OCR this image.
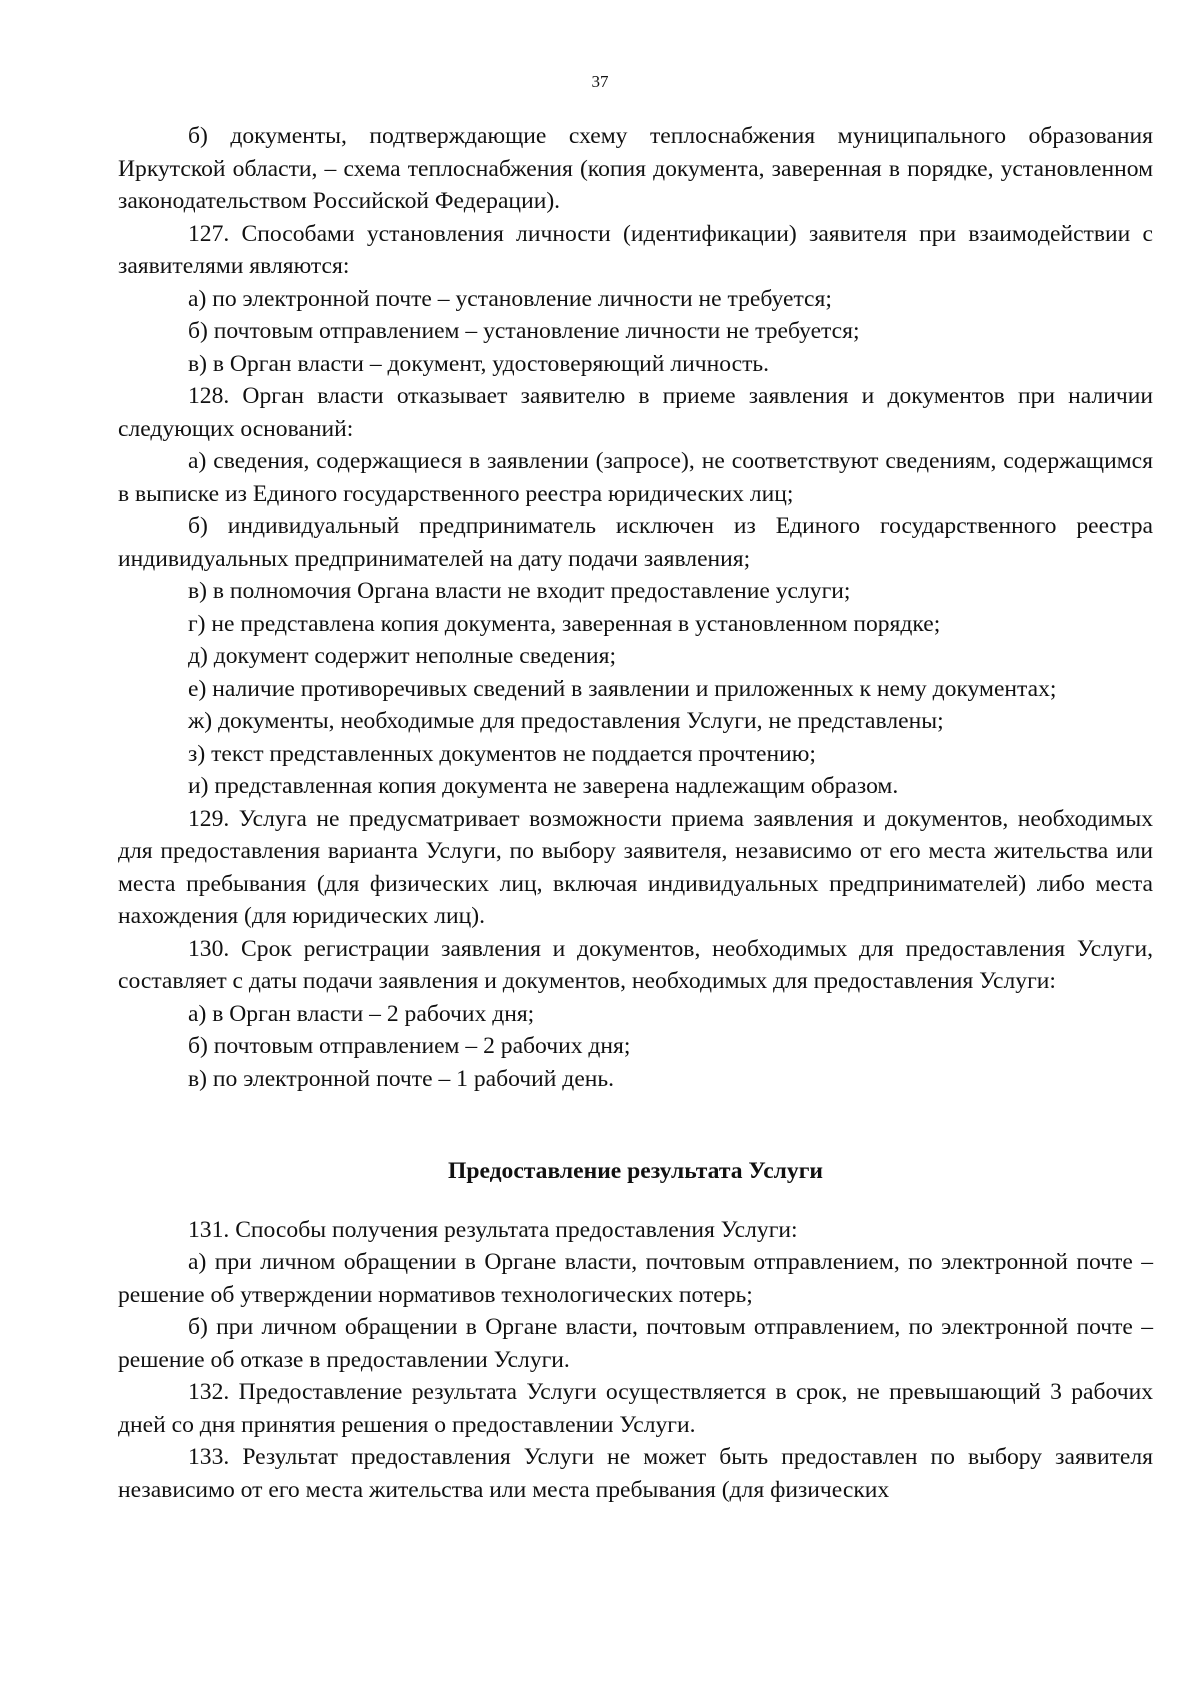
37

б) документы, подтверждающие схему теплоснабжения муниципального образования Иркутской области, – схема теплоснабжения (копия документа, заверенная в порядке, установленном законодательством Российской Федерации).

127. Способами установления личности (идентификации) заявителя при взаимодействии с заявителями являются:

а) по электронной почте – установление личности не требуется;

б) почтовым отправлением – установление личности не требуется;

в) в Орган власти – документ, удостоверяющий личность.

128. Орган власти отказывает заявителю в приеме заявления и документов при наличии следующих оснований:

а) сведения, содержащиеся в заявлении (запросе), не соответствуют сведениям, содержащимся в выписке из Единого государственного реестра юридических лиц;

б) индивидуальный предприниматель исключен из Единого государственного реестра индивидуальных предпринимателей на дату подачи заявления;

в) в полномочия Органа власти не входит предоставление услуги;

г) не представлена копия документа, заверенная в установленном порядке;

д) документ содержит неполные сведения;

е) наличие противоречивых сведений в заявлении и приложенных к нему документах;

ж) документы, необходимые для предоставления Услуги, не представлены;

з) текст представленных документов не поддается прочтению;

и) представленная копия документа не заверена надлежащим образом.

129. Услуга не предусматривает возможности приема заявления и документов, необходимых для предоставления варианта Услуги, по выбору заявителя, независимо от его места жительства или места пребывания (для физических лиц, включая индивидуальных предпринимателей) либо места нахождения (для юридических лиц).

130. Срок регистрации заявления и документов, необходимых для предоставления Услуги, составляет с даты подачи заявления и документов, необходимых для предоставления Услуги:

а) в Орган власти – 2 рабочих дня;

б) почтовым отправлением – 2 рабочих дня;

в) по электронной почте – 1 рабочий день.

Предоставление результата Услуги

131. Способы получения результата предоставления Услуги:

а) при личном обращении в Органе власти, почтовым отправлением, по электронной почте – решение об утверждении нормативов технологических потерь;

б) при личном обращении в Органе власти, почтовым отправлением, по электронной почте – решение об отказе в предоставлении Услуги.

132. Предоставление результата Услуги осуществляется в срок, не превышающий 3 рабочих дней со дня принятия решения о предоставлении Услуги.

133. Результат предоставления Услуги не может быть предоставлен по выбору заявителя независимо от его места жительства или места пребывания (для физических
